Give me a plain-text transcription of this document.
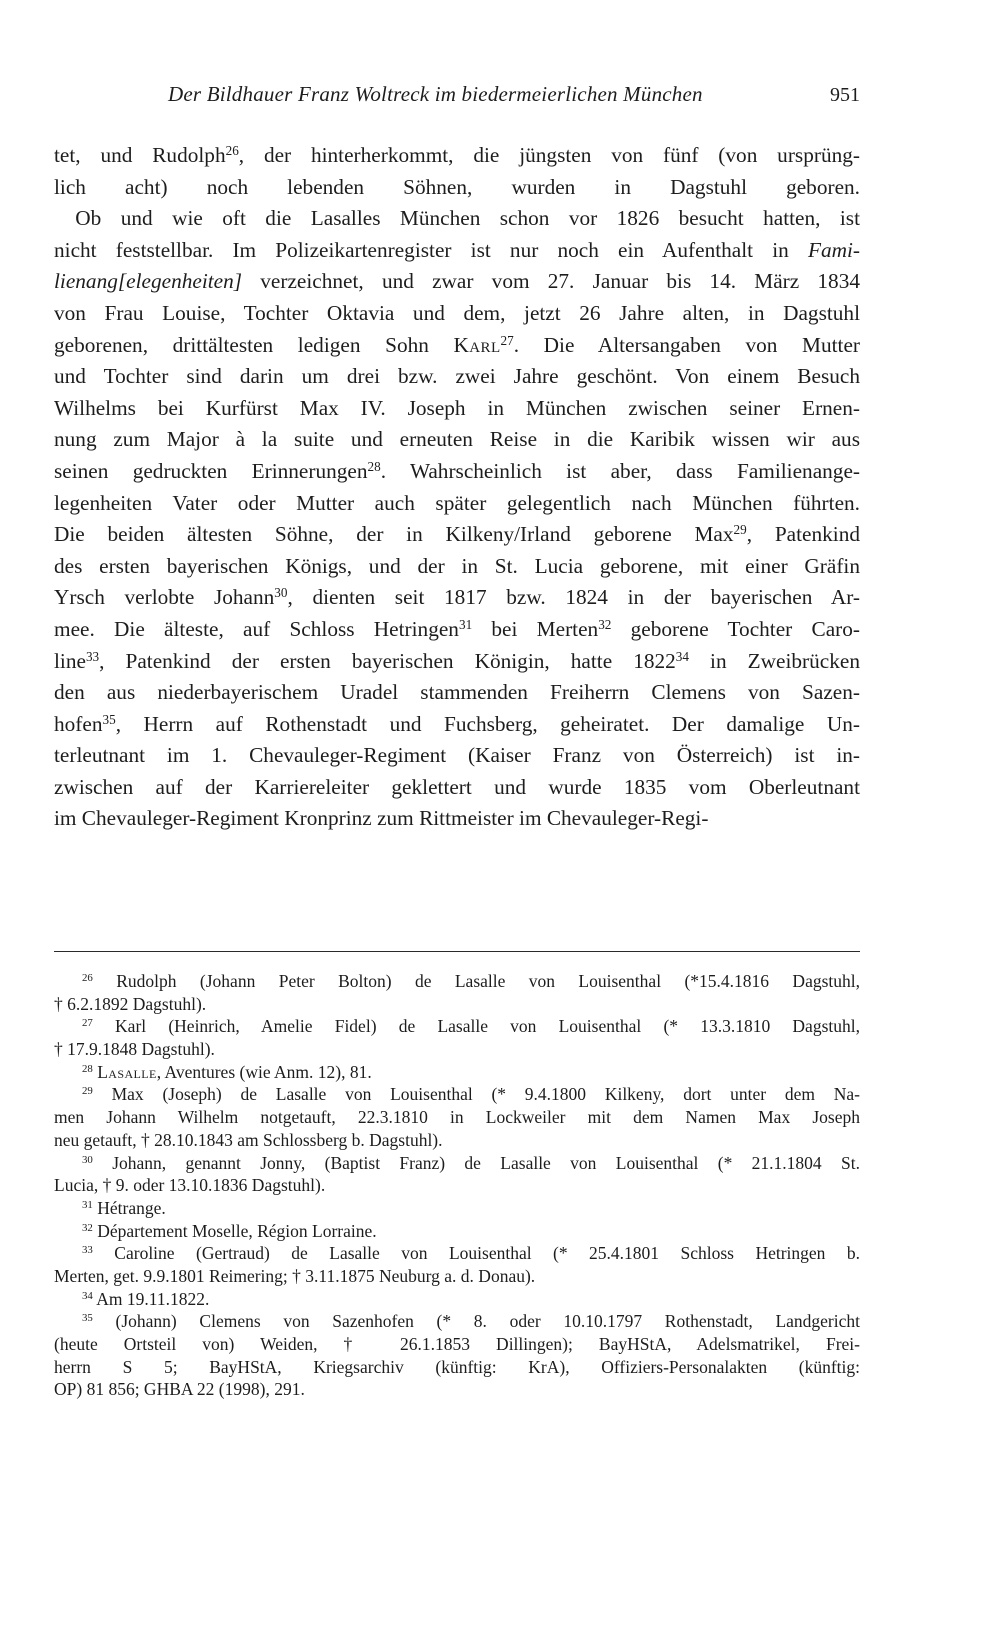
Der Bildhauer Franz Woltreck im biedermeierlichen München	951
tet, und Rudolph$^{26}$, der hinterherkommt, die jüngsten von fünf (von ursprüng-
lich acht) noch lebenden Söhnen, wurden in Dagstuhl geboren.
 Ob und wie oft die Lasalles München schon vor 1826 besucht hatten, ist
nicht feststellbar. Im Polizeikartenregister ist nur noch ein Aufenthalt in Fami-
lienang[elegenheiten] verzeichnet, und zwar vom 27. Januar bis 14. März 1834
von Frau Louise, Tochter Oktavia und dem, jetzt 26 Jahre alten, in Dagstuhl
geborenen, drittältesten ledigen Sohn Karl$^{27}$. Die Altersangaben von Mutter
und Tochter sind darin um drei bzw. zwei Jahre geschönt. Von einem Besuch
Wilhelms bei Kurfürst Max IV. Joseph in München zwischen seiner Ernen-
nung zum Major à la suite und erneuten Reise in die Karibik wissen wir aus
seinen gedruckten Erinnerungen$^{28}$. Wahrscheinlich ist aber, dass Familienange-
legenheiten Vater oder Mutter auch später gelegentlich nach München führten.
Die beiden ältesten Söhne, der in Kilkeny/Irland geborene Max$^{29}$, Patenkind
des ersten bayerischen Königs, und der in St. Lucia geborene, mit einer Gräfin
Yrsch verlobte Johann$^{30}$, dienten seit 1817 bzw. 1824 in der bayerischen Ar-
mee. Die älteste, auf Schloss Hetringen$^{31}$ bei Merten$^{32}$ geborene Tochter Caro-
line$^{33}$, Patenkind der ersten bayerischen Königin, hatte 1822$^{34}$ in Zweibrücken
den aus niederbayerischem Uradel stammenden Freiherrn Clemens von Sazen-
hofen$^{35}$, Herrn auf Rothenstadt und Fuchsberg, geheiratet. Der damalige Un-
terleutnant im 1. Chevauleger-Regiment (Kaiser Franz von Österreich) ist in-
zwischen auf der Karriereleiter geklettert und wurde 1835 vom Oberleutnant
im Chevauleger-Regiment Kronprinz zum Rittmeister im Chevauleger-Regi-
$^{26}$ Rudolph (Johann Peter Bolton) de Lasalle von Louisenthal (*15.4.1816 Dagstuhl,
† 6.2.1892 Dagstuhl).
$^{27}$ Karl (Heinrich, Amelie Fidel) de Lasalle von Louisenthal (* 13.3.1810 Dagstuhl,
† 17.9.1848 Dagstuhl).
$^{28}$ Lasalle, Aventures (wie Anm. 12), 81.
$^{29}$ Max (Joseph) de Lasalle von Louisenthal (* 9.4.1800 Kilkeny, dort unter dem Na-
men Johann Wilhelm notgetauft, 22.3.1810 in Lockweiler mit dem Namen Max Joseph
neu getauft, † 28.10.1843 am Schlossberg b. Dagstuhl).
$^{30}$ Johann, genannt Jonny, (Baptist Franz) de Lasalle von Louisenthal (* 21.1.1804 St.
Lucia, † 9. oder 13.10.1836 Dagstuhl).
$^{31}$ Hétrange.
$^{32}$ Département Moselle, Région Lorraine.
$^{33}$ Caroline (Gertraud) de Lasalle von Louisenthal (* 25.4.1801 Schloss Hetringen b.
Merten, get. 9.9.1801 Reimering; † 3.11.1875 Neuburg a. d. Donau).
$^{34}$ Am 19.11.1822.
$^{35}$ (Johann) Clemens von Sazenhofen (* 8. oder 10.10.1797 Rothenstadt, Landgericht
(heute Ortsteil von) Weiden, † 26.1.1853 Dillingen); BayHStA, Adelsmatrikel, Frei-
herrn S 5; BayHStA, Kriegsarchiv (künftig: KrA), Offiziers-Personalakten (künftig:
OP) 81 856; GHBA 22 (1998), 291.
